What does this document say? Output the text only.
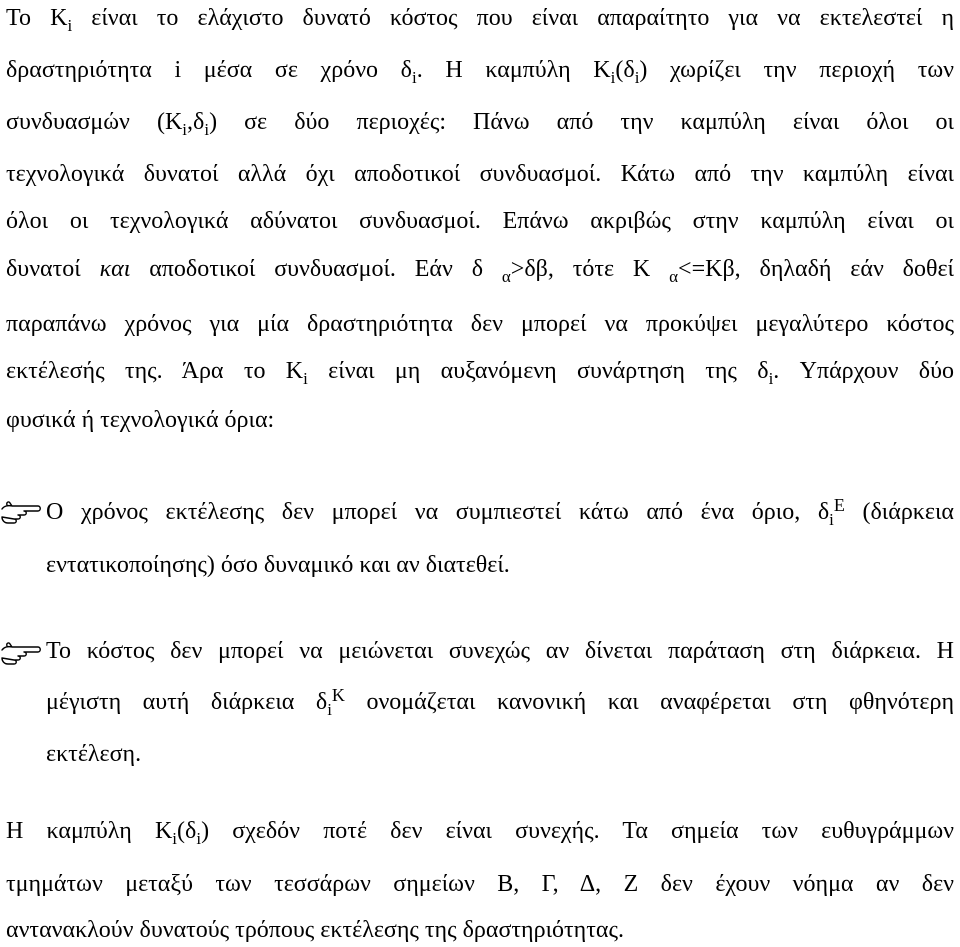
Το $K_i$ είναι το ελάχιστο δυνατό κόστος που είναι απαραίτητο για να εκτελεστεί η
δραστηριότητα i μέσα σε χρόνο $\delta_i$. Η καμπύλη $K_i(\delta_i)$ χωρίζει την περιοχή των
συνδυασμών $(K_i,\delta_i)$ σε δύο περιοχές: Πάνω από την καμπύλη είναι όλοι οι
τεχνολογικά δυνατοί αλλά όχι αποδοτικοί συνδυασμοί. Κάτω από την καμπύλη είναι
όλοι οι τεχνολογικά αδύνατοι συνδυασμοί. Επάνω ακριβώς στην καμπύλη είναι οι
δυνατοί και αποδοτικοί συνδυασμοί. Εάν δ $_\alpha$>δβ, τότε K $_\alpha$<=Kβ, δηλαδή εάν δοθεί
παραπάνω χρόνος για μία δραστηριότητα δεν μπορεί να προκύψει μεγαλύτερο κόστος
εκτέλεσής της. Άρα το $K_i$ είναι μη αυξανόμενη συνάρτηση της $\delta_i$. Υπάρχουν δύο
φυσικά ή τεχνολογικά όρια:
Ο χρόνος εκτέλεσης δεν μπορεί να συμπιεστεί κάτω από ένα όριο, $\delta_i^E$ (διάρκεια
εντατικοποίησης) όσο δυναμικό και αν διατεθεί.
Το κόστος δεν μπορεί να μειώνεται συνεχώς αν δίνεται παράταση στη διάρκεια. Η
μέγιστη αυτή διάρκεια $\delta_i^K$ ονομάζεται κανονική και αναφέρεται στη φθηνότερη
εκτέλεση.
Η καμπύλη $K_i(\delta_i)$ σχεδόν ποτέ δεν είναι συνεχής. Τα σημεία των ευθυγράμμων
τμημάτων μεταξύ των τεσσάρων σημείων Β, Γ, Δ, Ζ δεν έχουν νόημα αν δεν
αντανακλούν δυνατούς τρόπους εκτέλεσης της δραστηριότητας.
